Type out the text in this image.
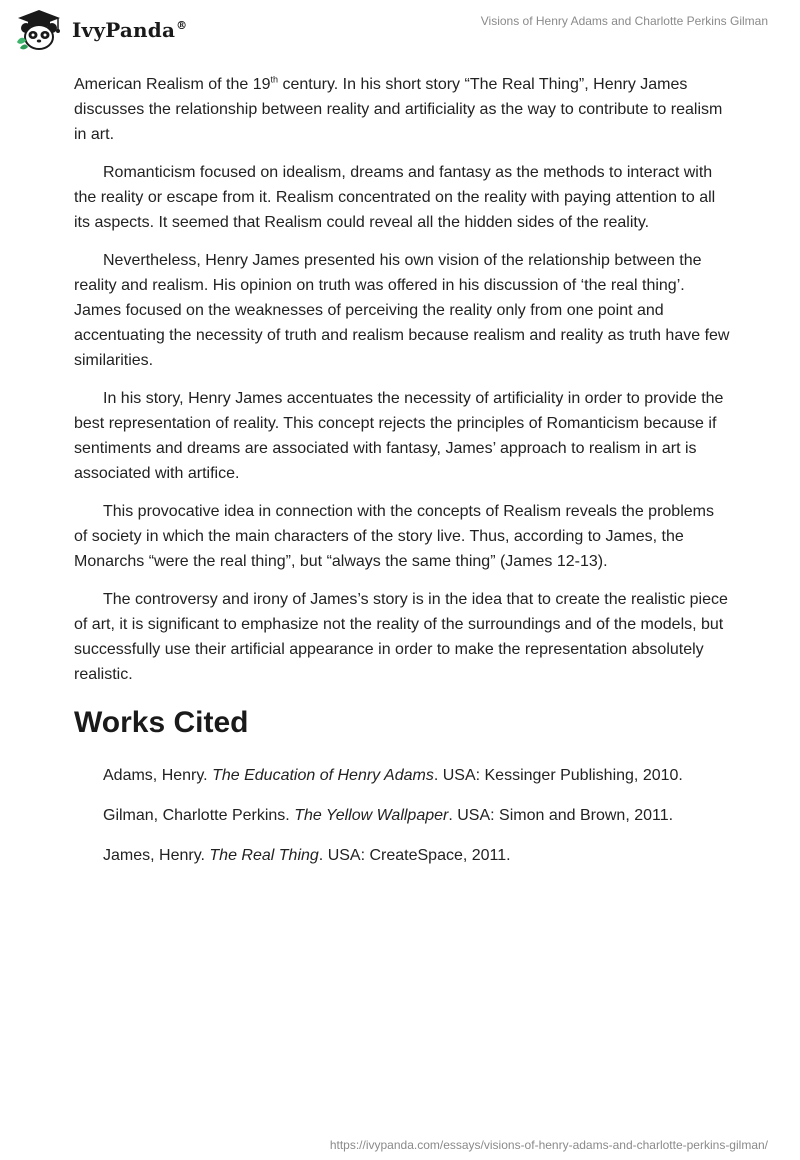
IvyPanda®	Visions of Henry Adams and Charlotte Perkins Gilman

American Realism of the 19th century. In his short story “The Real Thing”, Henry James discusses the relationship between reality and artificiality as the way to contribute to realism in art.

Romanticism focused on idealism, dreams and fantasy as the methods to interact with the reality or escape from it. Realism concentrated on the reality with paying attention to all its aspects. It seemed that Realism could reveal all the hidden sides of the reality.

Nevertheless, Henry James presented his own vision of the relationship between the reality and realism. His opinion on truth was offered in his discussion of ‘the real thing’. James focused on the weaknesses of perceiving the reality only from one point and accentuating the necessity of truth and realism because realism and reality as truth have few similarities.

In his story, Henry James accentuates the necessity of artificiality in order to provide the best representation of reality. This concept rejects the principles of Romanticism because if sentiments and dreams are associated with fantasy, James’ approach to realism in art is associated with artifice.

This provocative idea in connection with the concepts of Realism reveals the problems of society in which the main characters of the story live. Thus, according to James, the Monarchs “were the real thing”, but “always the same thing” (James 12-13).

The controversy and irony of James’s story is in the idea that to create the realistic piece of art, it is significant to emphasize not the reality of the surroundings and of the models, but successfully use their artificial appearance in order to make the representation absolutely realistic.

Works Cited
Adams, Henry. The Education of Henry Adams. USA: Kessinger Publishing, 2010.
Gilman, Charlotte Perkins. The Yellow Wallpaper. USA: Simon and Brown, 2011.
James, Henry. The Real Thing. USA: CreateSpace, 2011.
https://ivypanda.com/essays/visions-of-henry-adams-and-charlotte-perkins-gilman/
